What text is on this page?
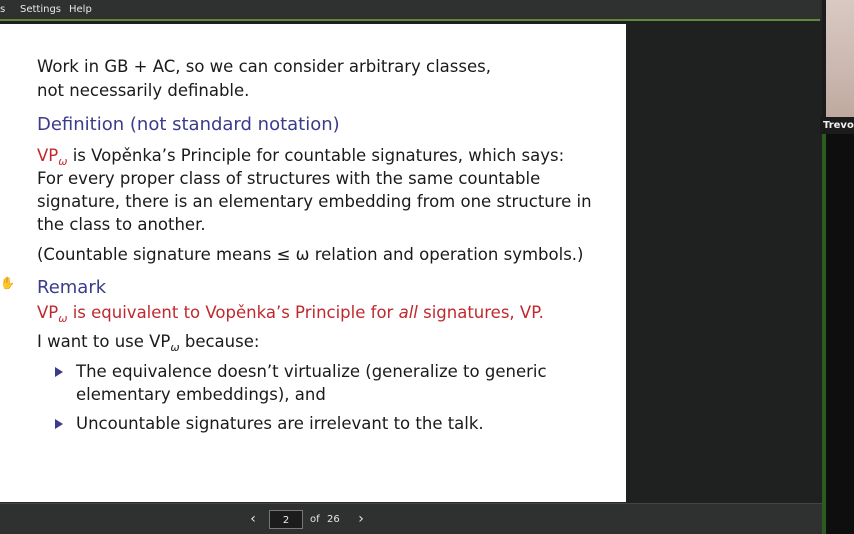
s Settings Help
Work in GB + AC, so we can consider arbitrary classes,
not necessarily definable.
Definition (not standard notation)
$VP_\omega$ is Vopěnka’s Principle for countable signatures, which says:
For every proper class of structures with the same countable
signature, there is an elementary embedding from one structure in
the class to another.
(Countable signature means ≤ ω relation and operation symbols.)
Remark
$VP_\omega$ is equivalent to Vopěnka’s Principle for all signatures, VP.
I want to use $VP_\omega$ because:
The equivalence doesn’t virtualize (generalize to generic
elementary embeddings), and
Uncountable signatures are irrelevant to the talk.
✋
‹	2	of 26	›
Trevo
